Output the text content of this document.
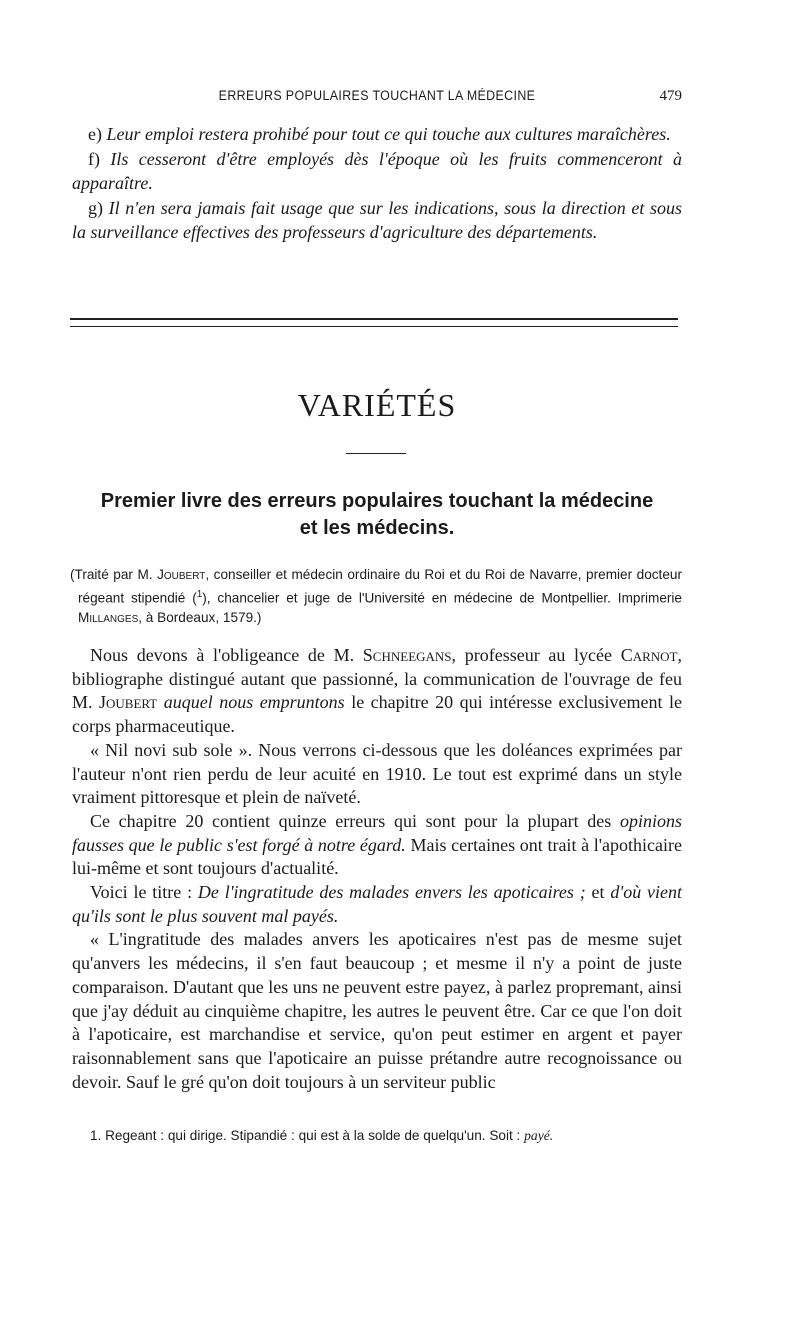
ERREURS POPULAIRES TOUCHANT LA MÉDECINE	479

e) Leur emploi restera prohibé pour tout ce qui touche aux cultures maraîchères.

f) Ils cesseront d'être employés dès l'époque où les fruits commenceront à apparaître.

g) Il n'en sera jamais fait usage que sur les indications, sous la direction et sous la surveillance effectives des professeurs d'agriculture des départements.

VARIÉTÉS
Premier livre des erreurs populaires touchant la médecine
et les médecins.

(Traité par M. Joubert, conseiller et médecin ordinaire du Roi et du Roi de Navarre, premier docteur régeant stipendié ($^1$), chancelier et juge de l'Université en médecine de Montpellier. Imprimerie Millanges, à Bordeaux, 1579.)

Nous devons à l'obligeance de M. Schneegans, professeur au lycée Carnot, bibliographe distingué autant que passionné, la communication de l'ouvrage de feu M. Joubert auquel nous empruntons le chapitre 20 qui intéresse exclusivement le corps pharmaceutique.

« Nil novi sub sole ». Nous verrons ci-dessous que les doléances exprimées par l'auteur n'ont rien perdu de leur acuité en 1910. Le tout est exprimé dans un style vraiment pittoresque et plein de naïveté.

Ce chapitre 20 contient quinze erreurs qui sont pour la plupart des opinions fausses que le public s'est forgé à notre égard. Mais certaines ont trait à l'apothicaire lui-même et sont toujours d'actualité.

Voici le titre : De l'ingratitude des malades envers les apoticaires ; et d'où vient qu'ils sont le plus souvent mal payés.

« L'ingratitude des malades anvers les apoticaires n'est pas de mesme sujet qu'anvers les médecins, il s'en faut beaucoup ; et mesme il n'y a point de juste comparaison. D'autant que les uns ne peuvent estre payez, à parlez propremant, ainsi que j'ay déduit au cinquième chapitre, les autres le peuvent être. Car ce que l'on doit à l'apoticaire, est marchandise et service, qu'on peut estimer en argent et payer raisonnablement sans que l'apoticaire an puisse prétandre autre recognoissance ou devoir. Sauf le gré qu'on doit toujours à un serviteur public

1. Regeant : qui dirige. Stipandié : qui est à la solde de quelqu'un. Soit : payé.
